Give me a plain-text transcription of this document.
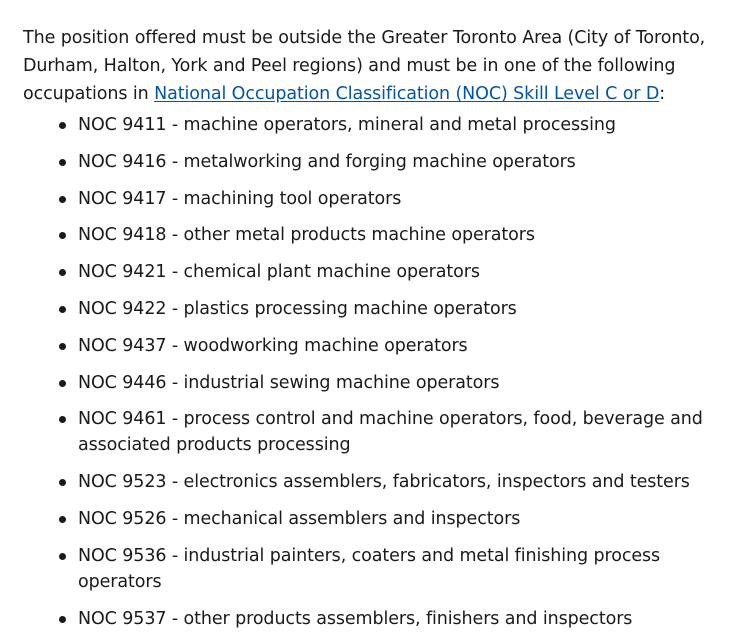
The position offered must be outside the Greater Toronto Area (City of Toronto, Durham, Halton, York and Peel regions) and must be in one of the following occupations in National Occupation Classification (NOC) Skill Level C or D:

NOC 9411 - machine operators, mineral and metal processing
NOC 9416 - metalworking and forging machine operators
NOC 9417 - machining tool operators
NOC 9418 - other metal products machine operators
NOC 9421 - chemical plant machine operators
NOC 9422 - plastics processing machine operators
NOC 9437 - woodworking machine operators
NOC 9446 - industrial sewing machine operators
NOC 9461 - process control and machine operators, food, beverage and associated products processing
NOC 9523 - electronics assemblers, fabricators, inspectors and testers
NOC 9526 - mechanical assemblers and inspectors
NOC 9536 - industrial painters, coaters and metal finishing process operators
NOC 9537 - other products assemblers, finishers and inspectors
